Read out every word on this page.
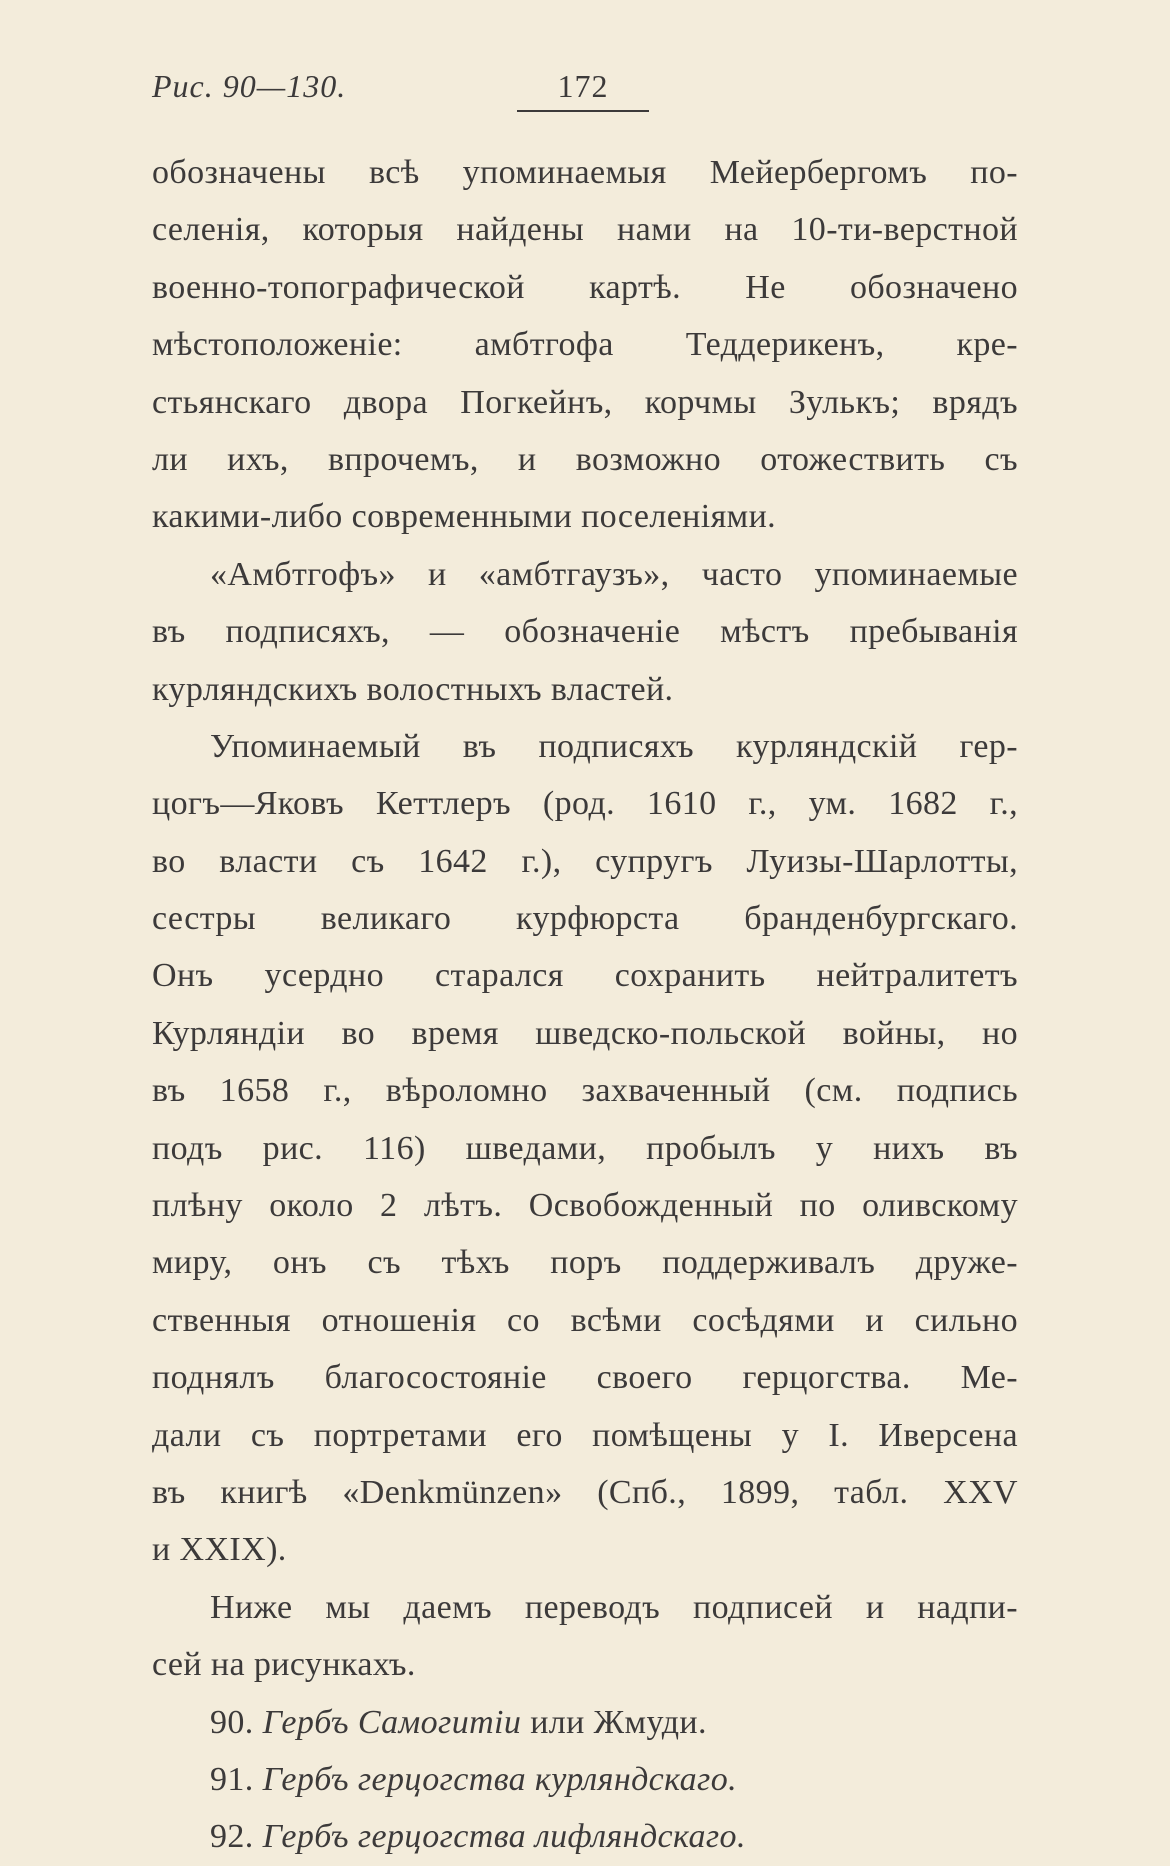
Рис. 90—130.	172
обозначены всѣ упоминаемыя Мейербергомъ по-
селенія, которыя найдены нами на 10-ти-верстной
военно-топографической картѣ. Не обозначено
мѣстоположеніе: амбтгофа Теддерикенъ, кре-
стьянскаго двора Погкейнъ, корчмы Зулькъ; врядъ
ли ихъ, впрочемъ, и возможно отожествить съ
какими-либо современными поселеніями.
«Амбтгофъ» и «амбтгаузъ», часто упоминаемые
въ подписяхъ, — обозначеніе мѣстъ пребыванія
курляндскихъ волостныхъ властей.
Упоминаемый въ подписяхъ курляндскій гер-
цогъ—Яковъ Кеттлеръ (род. 1610 г., ум. 1682 г.,
во власти съ 1642 г.), супругъ Луизы-Шарлотты,
сестры великаго курфюрста бранденбургскаго.
Онъ усердно старался сохранить нейтралитетъ
Курляндіи во время шведско-польской войны, но
въ 1658 г., вѣроломно захваченный (см. подпись
подъ рис. 116) шведами, пробылъ у нихъ въ
плѣну около 2 лѣтъ. Освобожденный по оливскому
миру, онъ съ тѣхъ поръ поддерживалъ друже-
ственныя отношенія со всѣми сосѣдями и сильно
поднялъ благосостояніе своего герцогства. Ме-
дали съ портретами его помѣщены у І. Иверсена
въ книгѣ «Denkmünzen» (Спб., 1899, табл. XXV
и XXIX).
Ниже мы даемъ переводъ подписей и надпи-
сей на рисункахъ.
90. Гербъ Самогитіи или Жмуди.
91. Гербъ герцогства курляндскаго.
92. Гербъ герцогства лифляндскаго.
